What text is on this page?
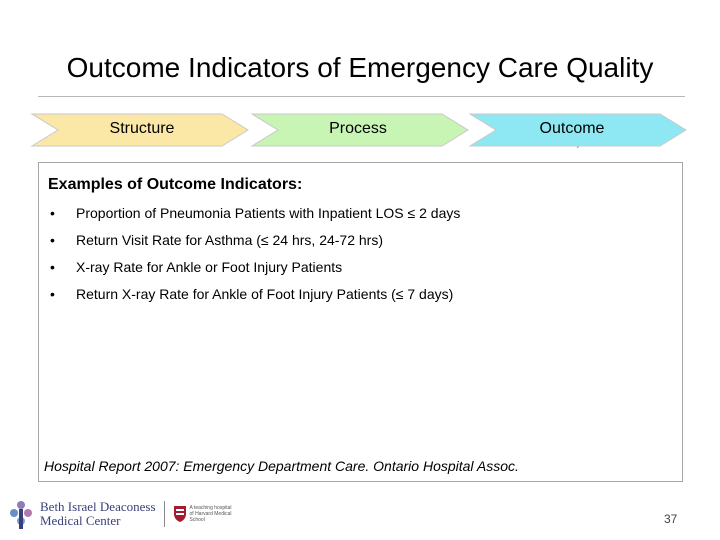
Outcome Indicators of Emergency Care Quality
Structure	Process	Outcome
Examples of Outcome Indicators:
•	Proportion of Pneumonia Patients with Inpatient LOS ≤ 2 days
•	Return Visit Rate for Asthma (≤ 24 hrs, 24-72 hrs)
•	X-ray Rate for Ankle or Foot Injury Patients
•	Return X-ray Rate for Ankle of Foot Injury Patients (≤ 7 days)
Hospital Report 2007: Emergency Department Care. Ontario Hospital Assoc.
Beth Israel Deaconess
Medical Center
A teaching hospital of Harvard Medical School	37
